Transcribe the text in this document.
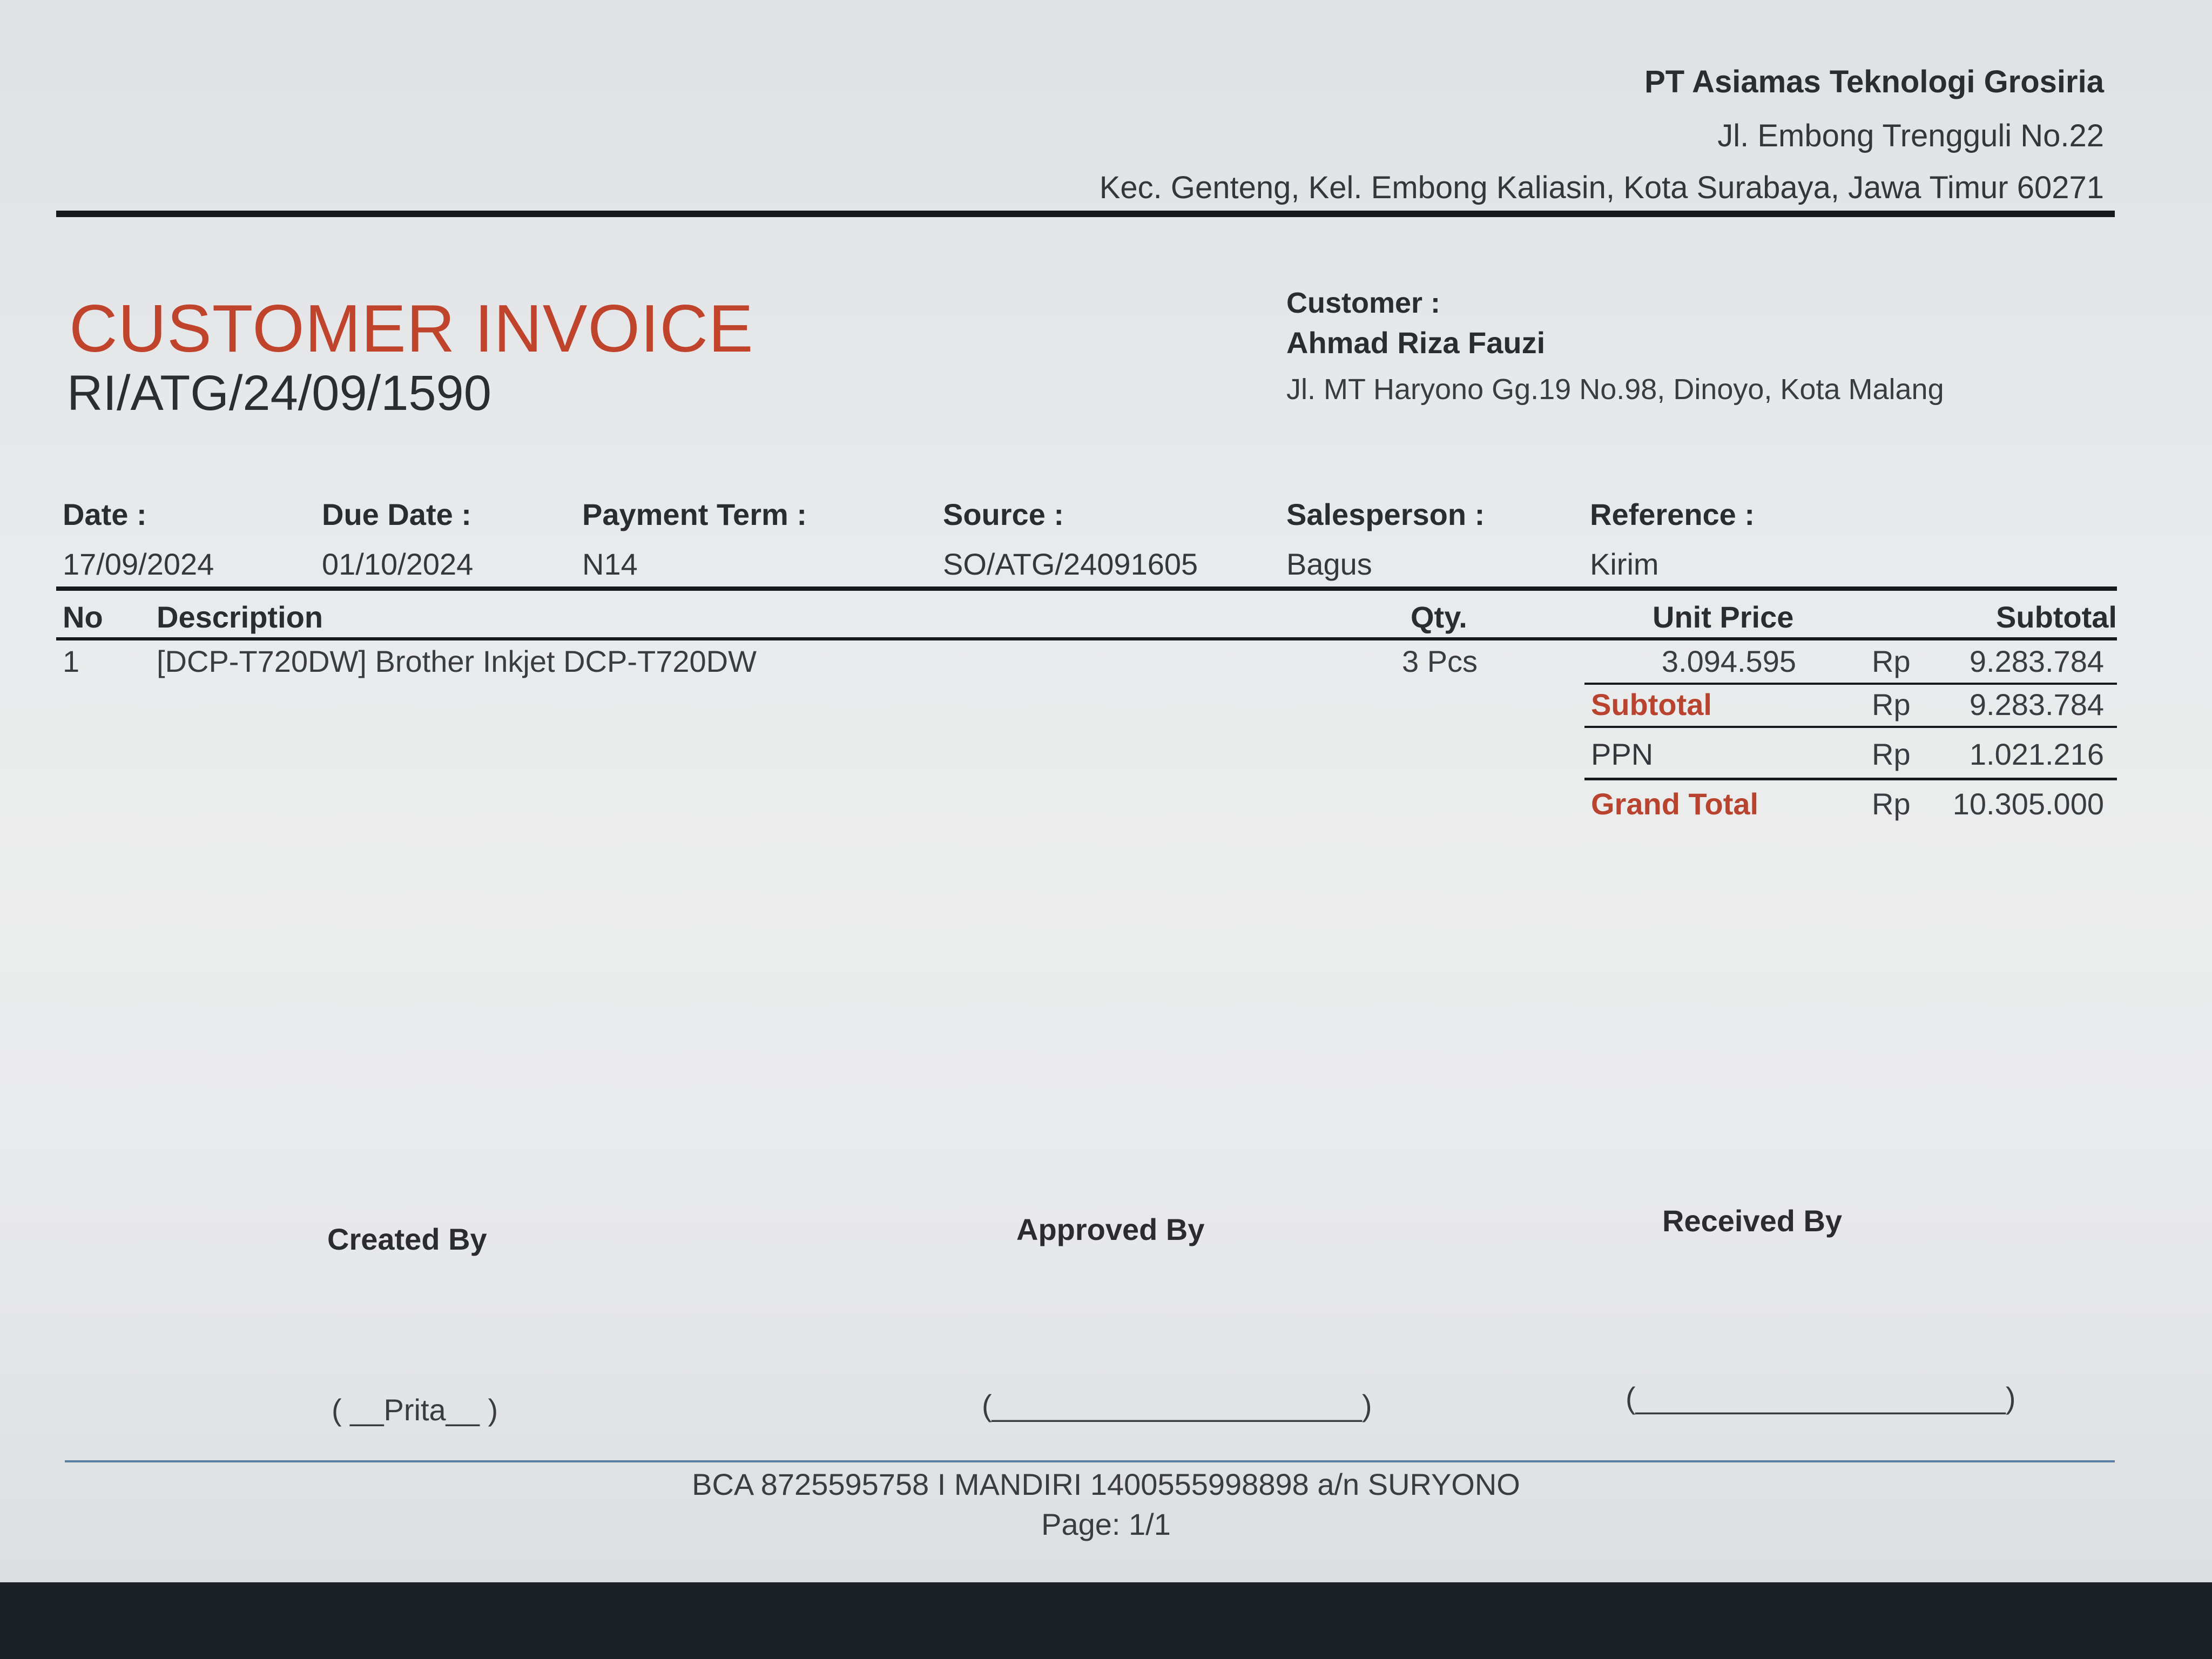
PT Asiamas Teknologi Grosiria
Jl. Embong Trengguli No.22
Kec. Genteng, Kel. Embong Kaliasin, Kota Surabaya, Jawa Timur 60271
CUSTOMER INVOICE
RI/ATG/24/09/1590
Customer :
Ahmad Riza Fauzi
Jl. MT Haryono Gg.19 No.98, Dinoyo, Kota Malang
Date :	Due Date :	Payment Term :	Source :	Salesperson :	Reference :
17/09/2024	01/10/2024	N14	SO/ATG/24091605	Bagus	Kirim
No Description	Qty.	Unit Price	Subtotal
1	[DCP-T720DW] Brother Inkjet DCP-T720DW	3 Pcs	3.094.595	Rp 9.283.784
Subtotal	Rp 9.283.784
PPN	Rp 1.021.216
Grand Total	Rp 10.305.000
Created By	Approved By	Received By
( __Prita__ )	(______________________)	(______________________)
BCA 8725595758 I MANDIRI 1400555998898 a/n SURYONO
Page: 1/1
